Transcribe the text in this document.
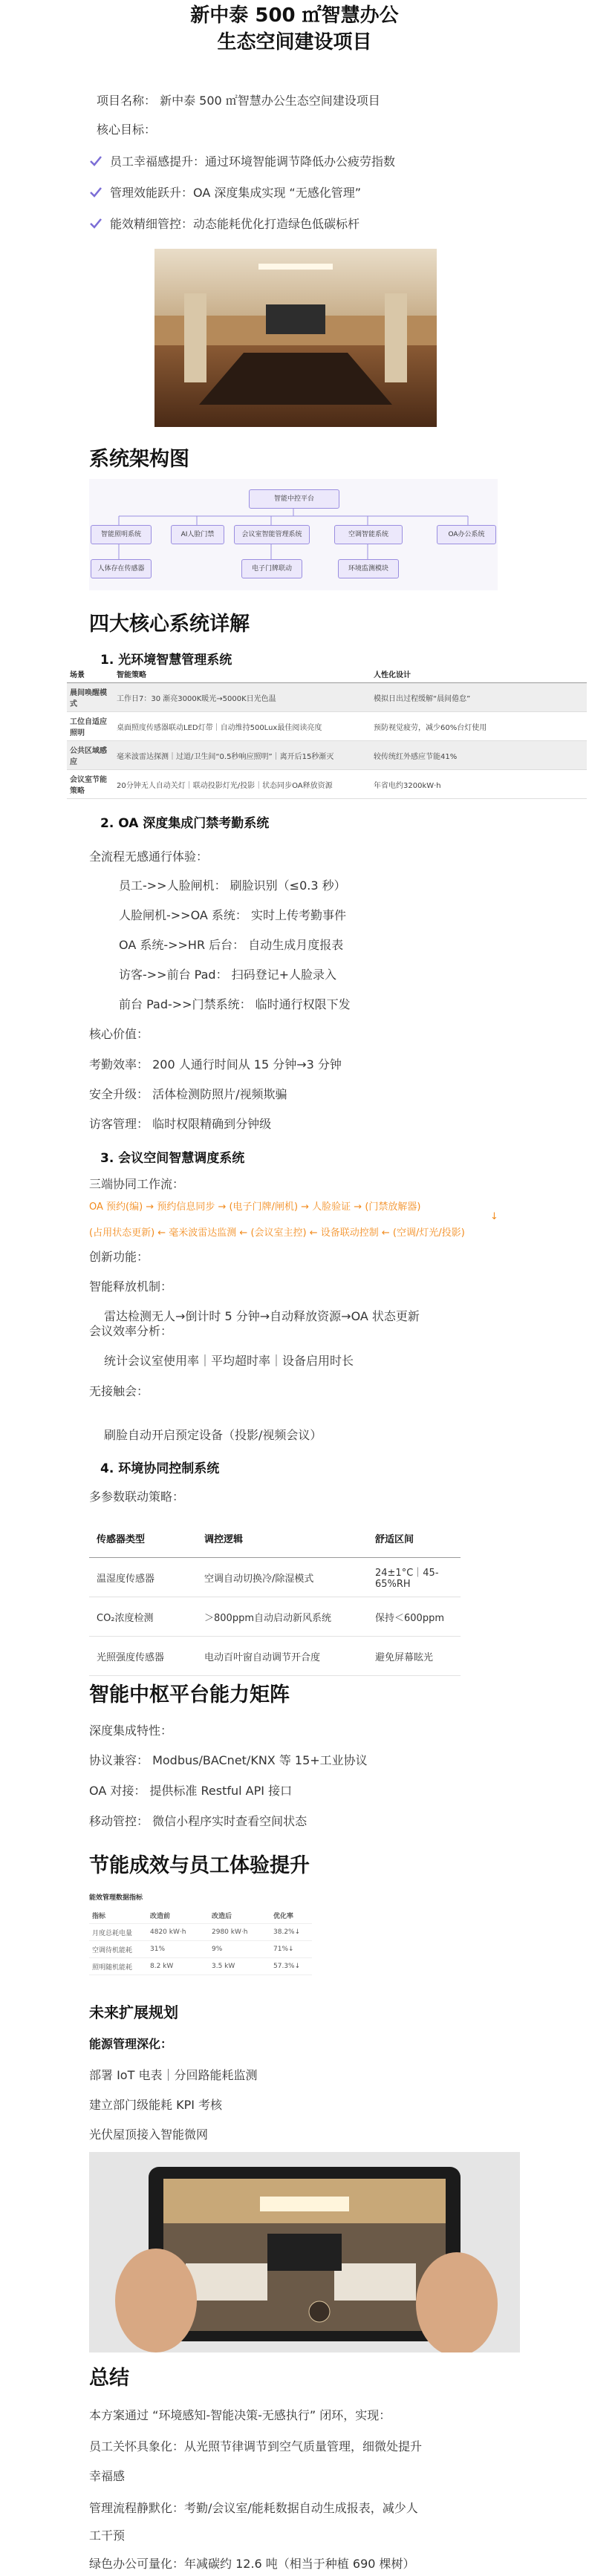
新中泰 500 ㎡智慧办公
生态空间建设项目
项目名称： 新中泰 500 ㎡智慧办公生态空间建设项目
核心目标：
员工幸福感提升：通过环境智能调节降低办公疲劳指数
管理效能跃升：OA 深度集成实现 “无感化管理”
能效精细管控：动态能耗优化打造绿色低碳标杆
系统架构图
智能中控平台
智能照明系统	AI人脸门禁	会议室智能管理系统	空调智能系统	OA办公系统
人体存在传感器	电子门牌联动	环境监测模块
四大核心系统详解
1. 光环境智慧管理系统
场景	智能策略		人性化设计
晨间唤醒模式	工作日7：30 渐亮3000K暖光→5000K日光色温		模拟日出过程缓解“晨间倦怠”
工位自适应照明	桌面照度传感器联动LED灯带｜自动维持500Lux最佳阅读亮度		预防视觉疲劳，减少60%台灯使用
公共区域感应	毫米波雷达探测｜过道/卫生间“0.5秒响应照明”｜离开后15秒渐灭		较传统红外感应节能41%
会议室节能策略	20分钟无人自动关灯｜联动投影灯光/投影｜状态同步OA释放资源		年省电约3200kW·h
2. OA 深度集成门禁考勤系统
全流程无感通行体验：
员工->>人脸闸机： 刷脸识别（≤0.3 秒）
人脸闸机->>OA 系统： 实时上传考勤事件
OA 系统->>HR 后台： 自动生成月度报表
访客->>前台 Pad： 扫码登记+人脸录入
前台 Pad->>门禁系统： 临时通行权限下发
核心价值：
考勤效率： 200 人通行时间从 15 分钟→3 分钟
安全升级： 活体检测防照片/视频欺骗
访客管理： 临时权限精确到分钟级
3. 会议空间智慧调度系统
三端协同工作流：
OA 预约(编) → 预约信息同步 → (电子门牌/闸机) → 人脸验证 → (门禁放解器)
↓
(占用状态更新) ← 毫米波雷达监测 ← (会议室主控) ← 设备联动控制 ← (空调/灯光/投影)
创新功能：
智能释放机制：
雷达检测无人→倒计时 5 分钟→自动释放资源→OA 状态更新
会议效率分析：
统计会议室使用率｜平均超时率｜设备启用时长
无接触会：
刷脸自动开启预定设备（投影/视频会议）
4. 环境协同控制系统
多参数联动策略：
传感器类型	调控逻辑	舒适区间
温湿度传感器	空调自动切换冷/除湿模式	24±1°C｜45-65%RH
CO₂浓度检测	＞800ppm自动启动新风系统	保持＜600ppm
光照强度传感器	电动百叶窗自动调节开合度	避免屏幕眩光
智能中枢平台能力矩阵
深度集成特性：
协议兼容： Modbus/BACnet/KNX 等 15+工业协议
OA 对接： 提供标准 Restful API 接口
移动管控： 微信小程序实时查看空间状态
节能成效与员工体验提升
能效管理数据指标
指标	改造前	改造后	优化率
月度总耗电量	4820 kW·h	2980 kW·h	38.2%↓
空调待机能耗	31%	9%	71%↓
照明随机能耗	8.2 kW	3.5 kW	57.3%↓
未来扩展规划
能源管理深化：
部署 IoT 电表｜分回路能耗监测
建立部门级能耗 KPI 考核
光伏屋顶接入智能微网
总结
本方案通过 “环境感知-智能决策-无感执行” 闭环，实现：
员工关怀具象化：从光照节律调节到空气质量管理，细微处提升
幸福感
管理流程静默化：考勤/会议室/能耗数据自动生成报表，减少人
工干预
绿色办公可量化：年减碳约 12.6 吨（相当于种植 690 棵树）
